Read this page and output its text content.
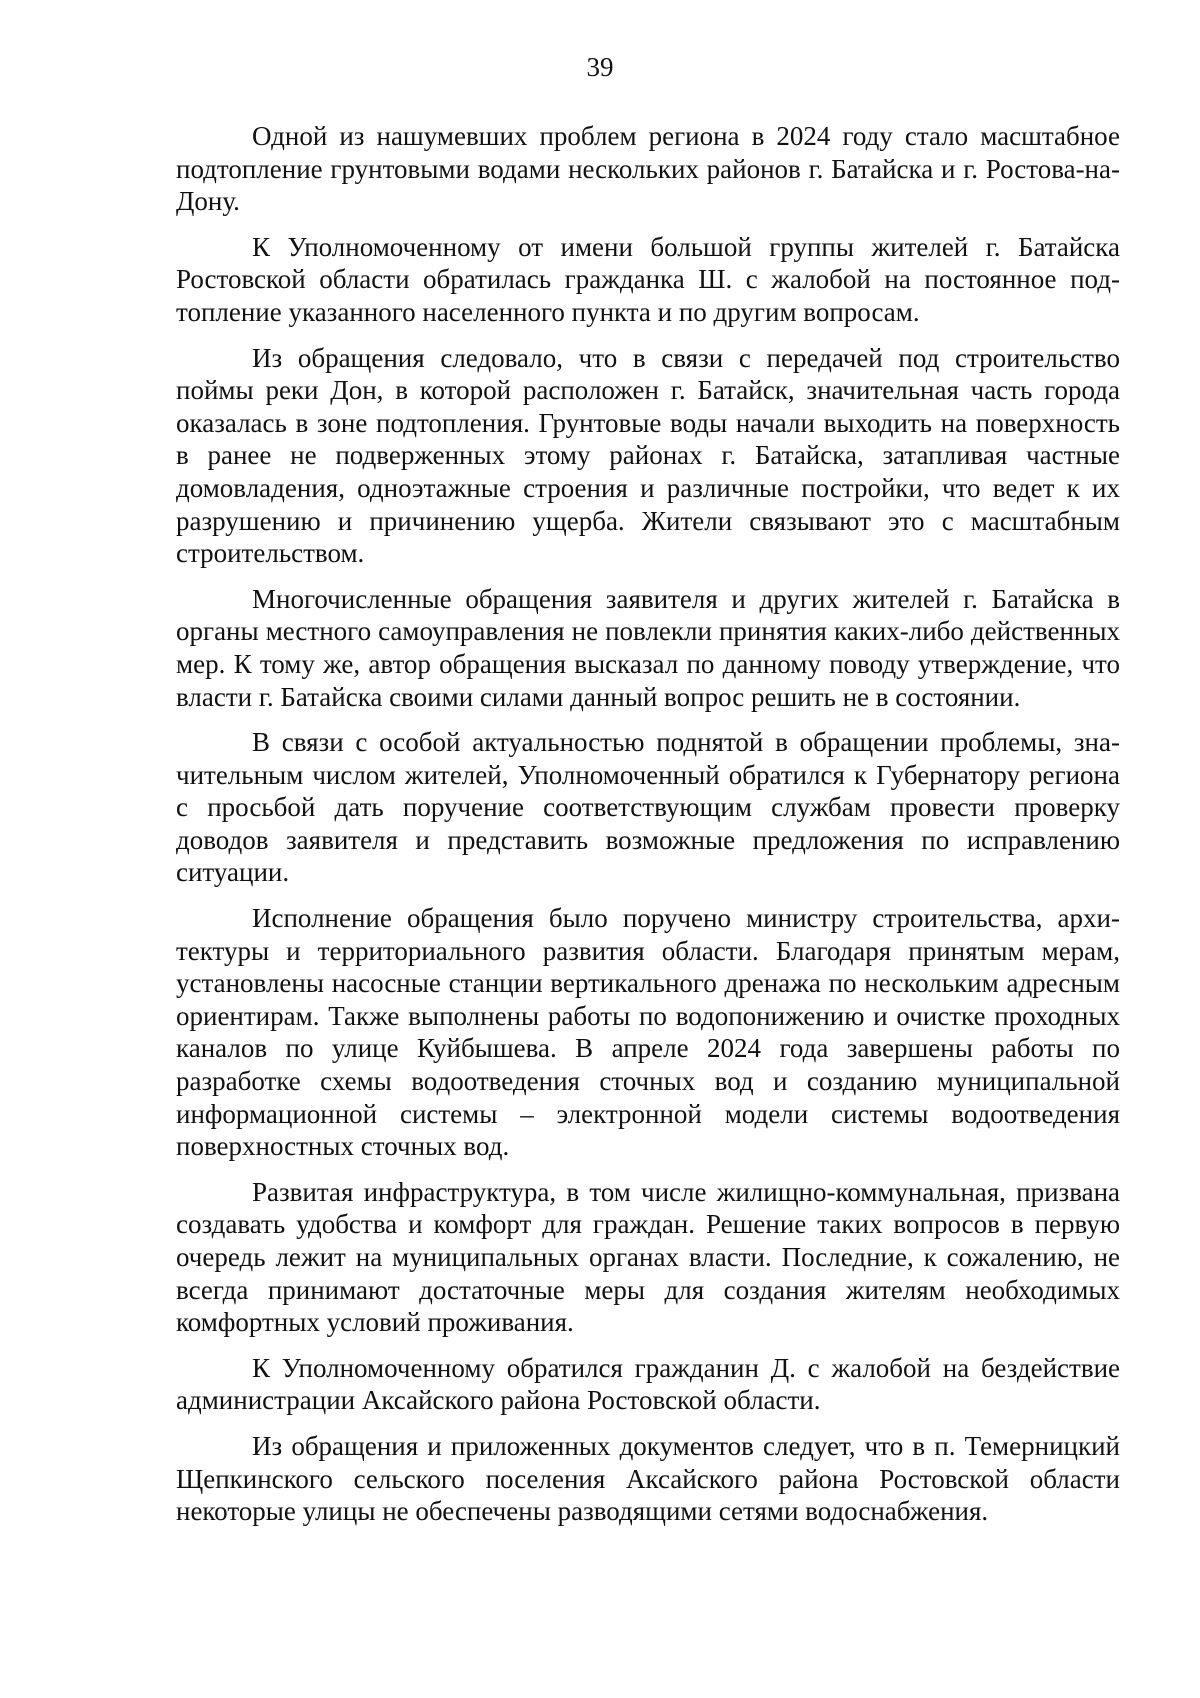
39

Одной из нашумевших проблем региона в 2024 году стало масштабное подтопление грунтовыми водами нескольких районов г. Батайска и г. Ростова-на-Дону.

К Уполномоченному от имени большой группы жителей г. Батайска Ростовской области обратилась гражданка Ш. с жалобой на постоянное подтопление указанного населенного пункта и по другим вопросам.

Из обращения следовало, что в связи с передачей под строительство поймы реки Дон, в которой расположен г. Батайск, значительная часть города оказалась в зоне подтопления. Грунтовые воды начали выходить на поверхность в ранее не подверженных этому районах г. Батайска, затапливая частные домовладения, одноэтажные строения и различные постройки, что ведет к их разрушению и причинению ущерба. Жители связывают это с масштабным строительством.

Многочисленные обращения заявителя и других жителей г. Батайска в органы местного самоуправления не повлекли принятия каких-либо действенных мер. К тому же, автор обращения высказал по данному поводу утверждение, что власти г. Батайска своими силами данный вопрос решить не в состоянии.

В связи с особой актуальностью поднятой в обращении проблемы, значительным числом жителей, Уполномоченный обратился к Губернатору региона с просьбой дать поручение соответствующим службам провести проверку доводов заявителя и представить возможные предложения по исправлению ситуации.

Исполнение обращения было поручено министру строительства, архитектуры и территориального развития области. Благодаря принятым мерам, установлены насосные станции вертикального дренажа по нескольким адресным ориентирам. Также выполнены работы по водопонижению и очистке проходных каналов по улице Куйбышева. В апреле 2024 года завершены работы по разработке схемы водоотведения сточных вод и созданию муниципальной информационной системы – электронной модели системы водоотведения поверхностных сточных вод.

Развитая инфраструктура, в том числе жилищно-коммунальная, призвана создавать удобства и комфорт для граждан. Решение таких вопросов в первую очередь лежит на муниципальных органах власти. Последние, к сожалению, не всегда принимают достаточные меры для создания жителям необходимых комфортных условий проживания.

К Уполномоченному обратился гражданин Д. с жалобой на бездействие администрации Аксайского района Ростовской области.

Из обращения и приложенных документов следует, что в п. Темерницкий Щепкинского сельского поселения Аксайского района Ростовской области некоторые улицы не обеспечены разводящими сетями водоснабжения.
